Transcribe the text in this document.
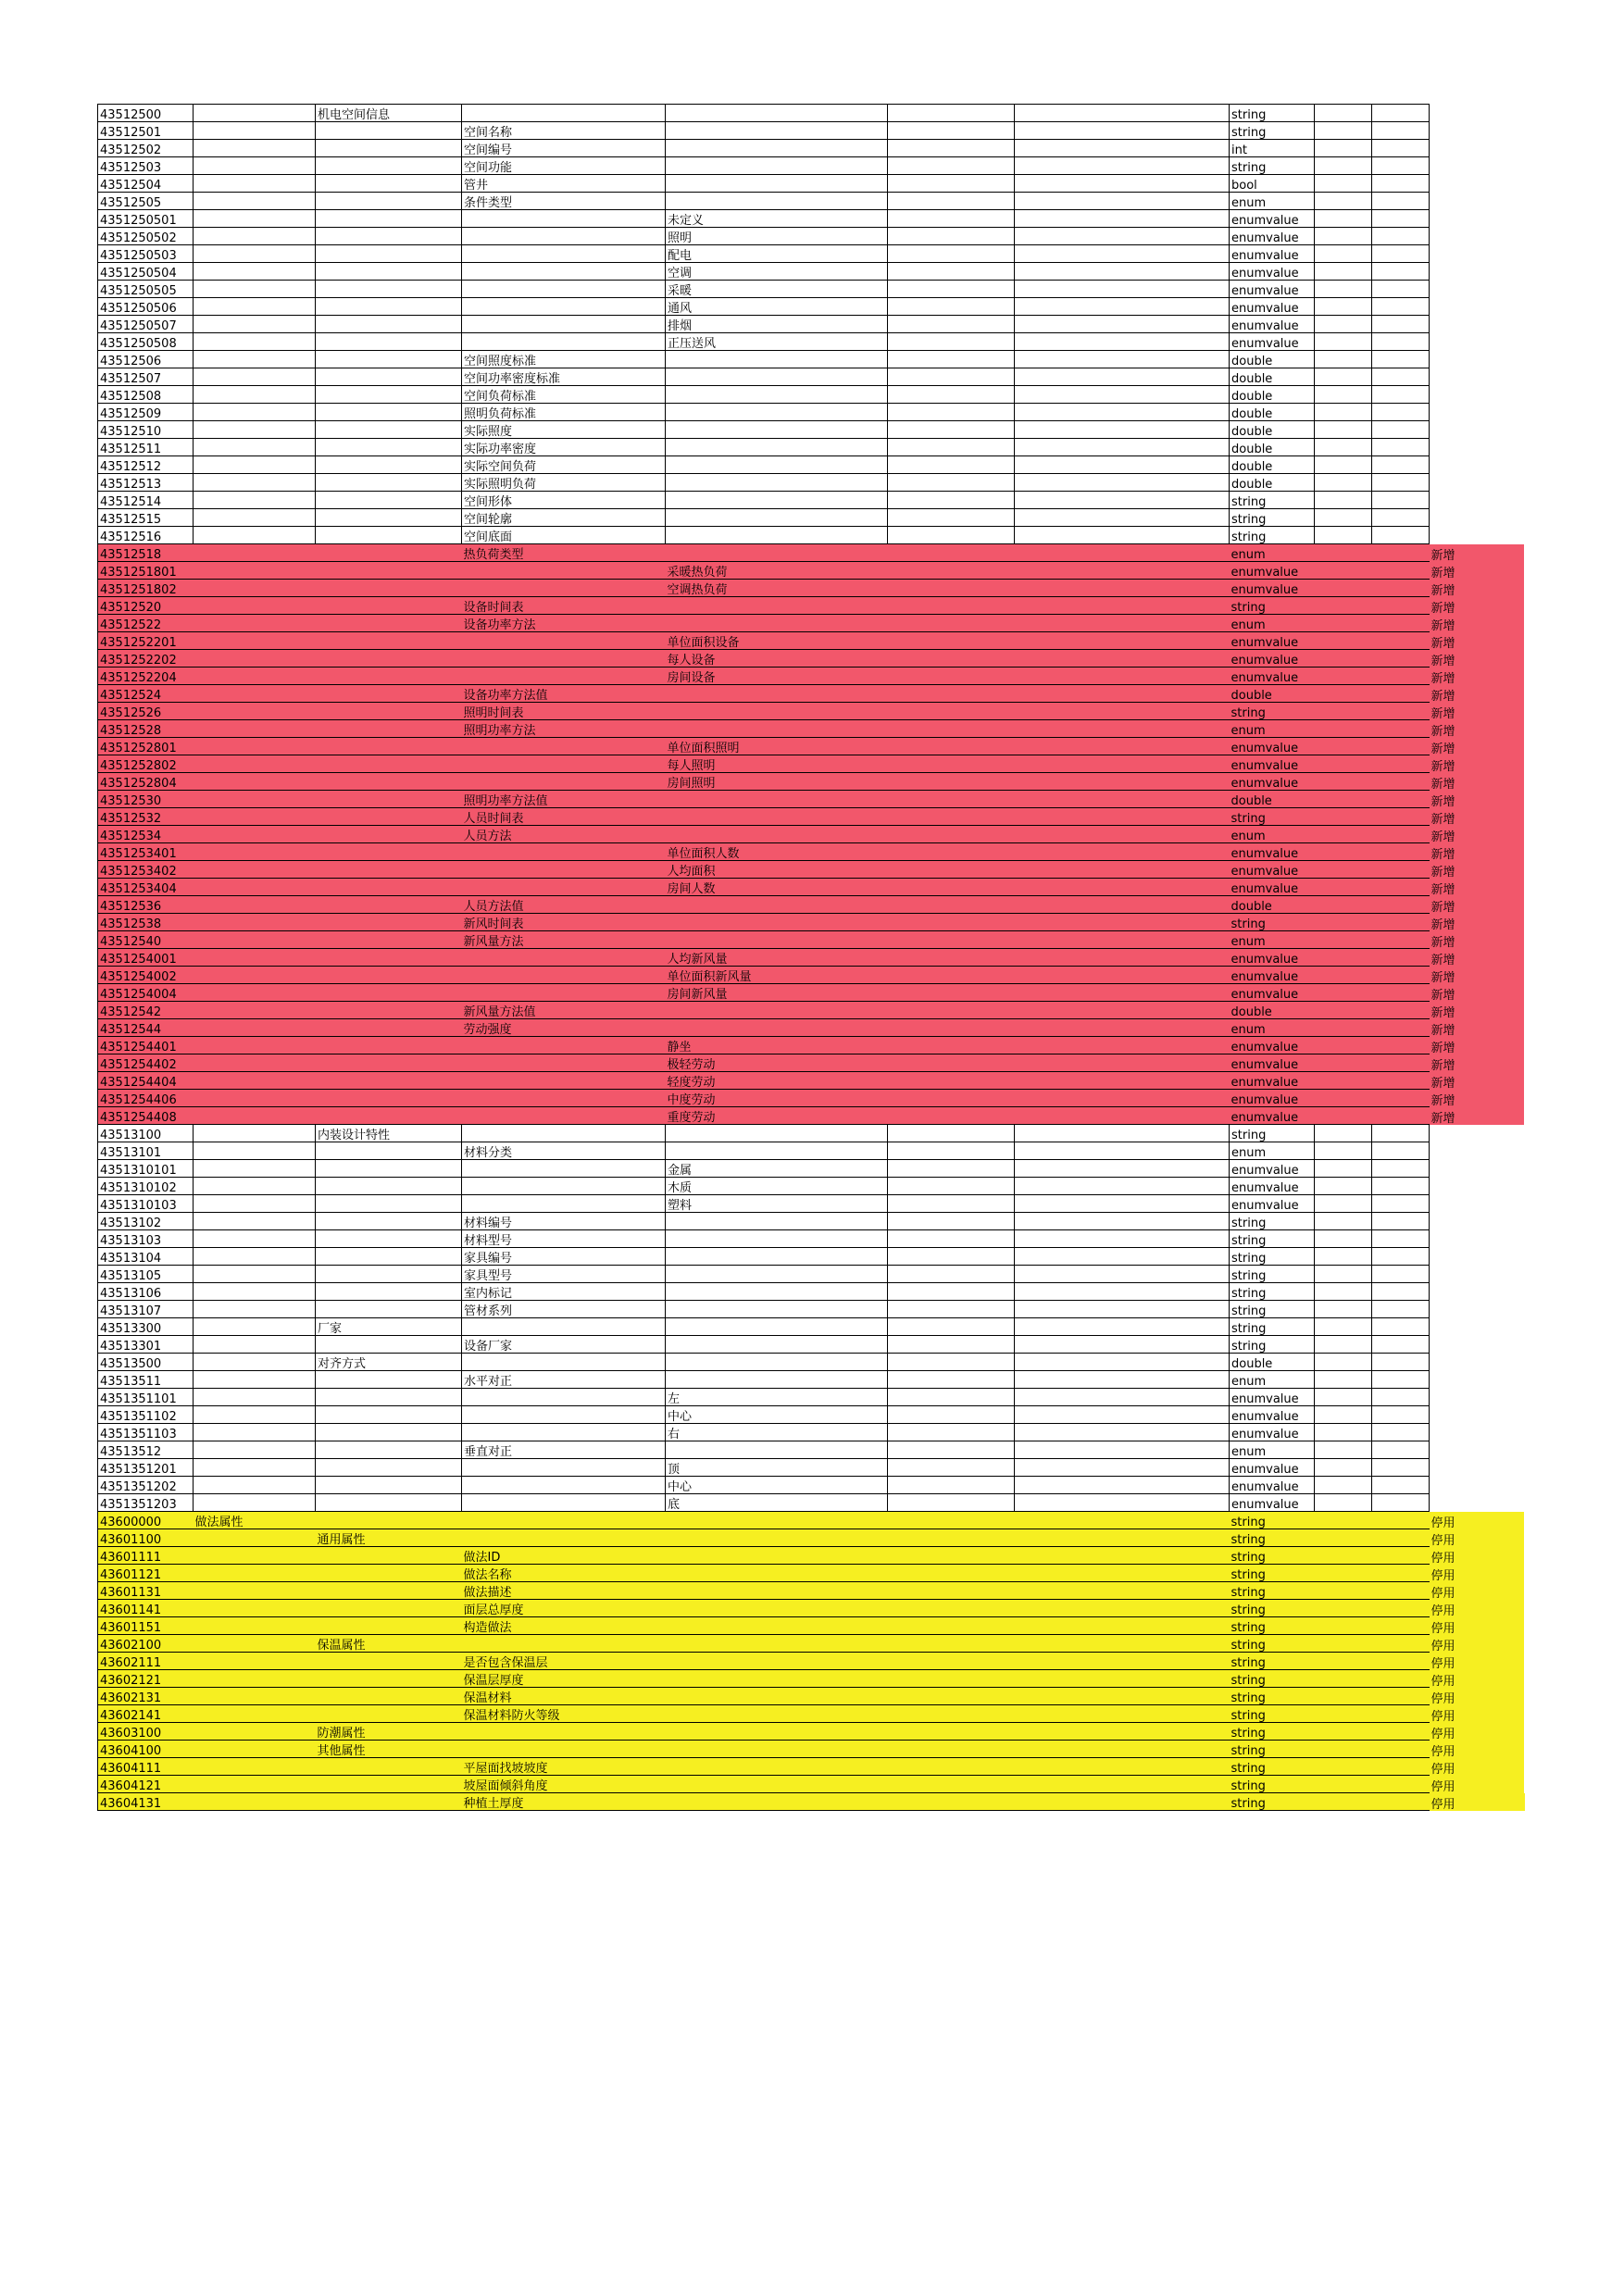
43512500		机电空间信息					string			
43512501			空间名称				string			
43512502			空间编号				int			
43512503			空间功能				string			
43512504			管井				bool			
43512505			条件类型				enum			
4351250501				未定义			enumvalue			
4351250502				照明			enumvalue			
4351250503				配电			enumvalue			
4351250504				空调			enumvalue			
4351250505				采暖			enumvalue			
4351250506				通风			enumvalue			
4351250507				排烟			enumvalue			
4351250508				正压送风			enumvalue			
43512506			空间照度标准				double			
43512507			空间功率密度标准				double			
43512508			空间负荷标准				double			
43512509			照明负荷标准				double			
43512510			实际照度				double			
43512511			实际功率密度				double			
43512512			实际空间负荷				double			
43512513			实际照明负荷				double			
43512514			空间形体				string			
43512515			空间轮廓				string			
43512516			空间底面				string			
43512518			热负荷类型				enum			新增
4351251801				采暖热负荷			enumvalue			新增
4351251802				空调热负荷			enumvalue			新增
43512520			设备时间表				string			新增
43512522			设备功率方法				enum			新增
4351252201				单位面积设备			enumvalue			新增
4351252202				每人设备			enumvalue			新增
4351252204				房间设备			enumvalue			新增
43512524			设备功率方法值				double			新增
43512526			照明时间表				string			新增
43512528			照明功率方法				enum			新增
4351252801				单位面积照明			enumvalue			新增
4351252802				每人照明			enumvalue			新增
4351252804				房间照明			enumvalue			新增
43512530			照明功率方法值				double			新增
43512532			人员时间表				string			新增
43512534			人员方法				enum			新增
4351253401				单位面积人数			enumvalue			新增
4351253402				人均面积			enumvalue			新增
4351253404				房间人数			enumvalue			新增
43512536			人员方法值				double			新增
43512538			新风时间表				string			新增
43512540			新风量方法				enum			新增
4351254001				人均新风量			enumvalue			新增
4351254002				单位面积新风量			enumvalue			新增
4351254004				房间新风量			enumvalue			新增
43512542			新风量方法值				double			新增
43512544			劳动强度				enum			新增
4351254401				静坐			enumvalue			新增
4351254402				极轻劳动			enumvalue			新增
4351254404				轻度劳动			enumvalue			新增
4351254406				中度劳动			enumvalue			新增
4351254408				重度劳动			enumvalue			新增
43513100		内装设计特性					string			
43513101			材料分类				enum			
4351310101				金属			enumvalue			
4351310102				木质			enumvalue			
4351310103				塑料			enumvalue			
43513102			材料编号				string			
43513103			材料型号				string			
43513104			家具编号				string			
43513105			家具型号				string			
43513106			室内标记				string			
43513107			管材系列				string			
43513300		厂家					string			
43513301			设备厂家				string			
43513500		对齐方式					double			
43513511			水平对正				enum			
4351351101				左			enumvalue			
4351351102				中心			enumvalue			
4351351103				右			enumvalue			
43513512			垂直对正				enum			
4351351201				顶			enumvalue			
4351351202				中心			enumvalue			
4351351203				底			enumvalue			
43600000	做法属性						string			停用
43601100		通用属性					string			停用
43601111			做法ID				string			停用
43601121			做法名称				string			停用
43601131			做法描述				string			停用
43601141			面层总厚度				string			停用
43601151			构造做法				string			停用
43602100		保温属性					string			停用
43602111			是否包含保温层				string			停用
43602121			保温层厚度				string			停用
43602131			保温材料				string			停用
43602141			保温材料防火等级				string			停用
43603100		防潮属性					string			停用
43604100		其他属性					string			停用
43604111			平屋面找坡坡度				string			停用
43604121			坡屋面倾斜角度				string			停用
43604131			种植土厚度				string			停用
